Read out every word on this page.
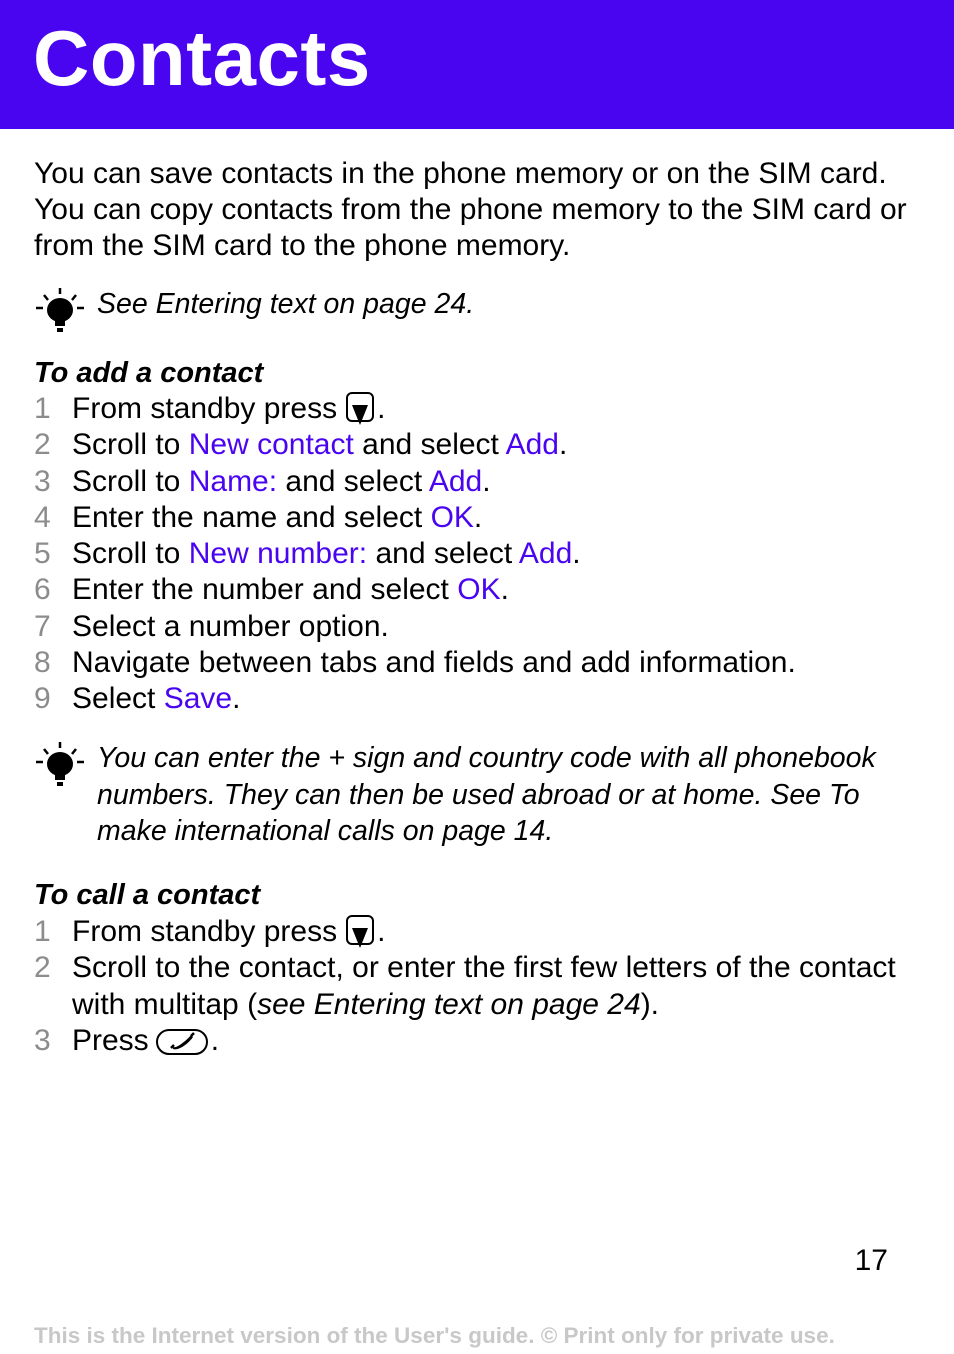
Contacts

You can save contacts in the phone memory or on the SIM card. You can copy contacts from the phone memory to the SIM card or from the SIM card to the phone memory.

See Entering text on page 24.
To add a contact
1 From standby press .
2 Scroll to New contact and select Add.
3 Scroll to Name: and select Add.
4 Enter the name and select OK.
5 Scroll to New number: and select Add.
6 Enter the number and select OK.
7 Select a number option.
8 Navigate between tabs and fields and add information.
9 Select Save.
You can enter the + sign and country code with all phonebook numbers. They can then be used abroad or at home. See To make international calls on page 14.
To call a contact
1 From standby press .
2 Scroll to the contact, or enter the first few letters of the contact with multitap (see Entering text on page 24).
3 Press .
17
This is the Internet version of the User's guide. © Print only for private use.
